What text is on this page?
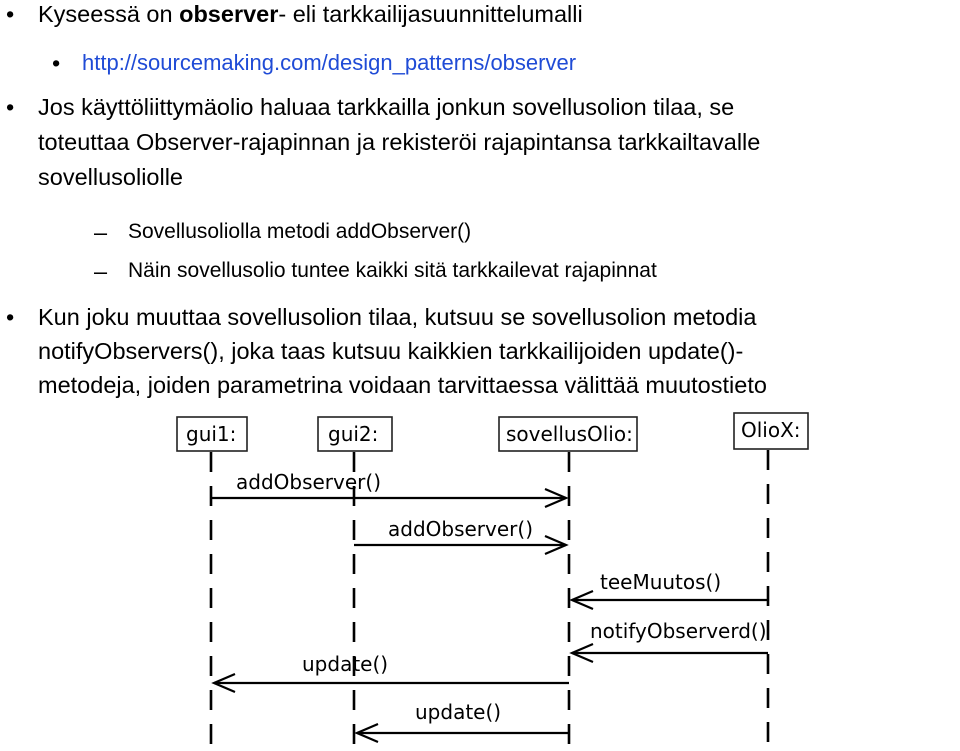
• Kyseessä on observer- eli tarkkailijasuunnittelumalli
• http://sourcemaking.com/design_patterns/observer
• Jos käyttöliittymäolio haluaa tarkkailla jonkun sovellusolion tilaa, se
toteuttaa Observer-rajapinnan ja rekisteröi rajapintansa tarkkailtavalle
sovellusoliolle
– Sovellusoliolla metodi addObserver()
– Näin sovellusolio tuntee kaikki sitä tarkkailevat rajapinnat
• Kun joku muuttaa sovellusolion tilaa, kutsuu se sovellusolion metodia
notifyObservers(), joka taas kutsuu kaikkien tarkkailijoiden update()-
metodeja, joiden parametrina voidaan tarvittaessa välittää muutostieto
gui1:	gui2:	sovellusOlio:	OlioX:
addObserver()
addObserver()
teeMuutos()
notifyObserverd()
update()
update()
